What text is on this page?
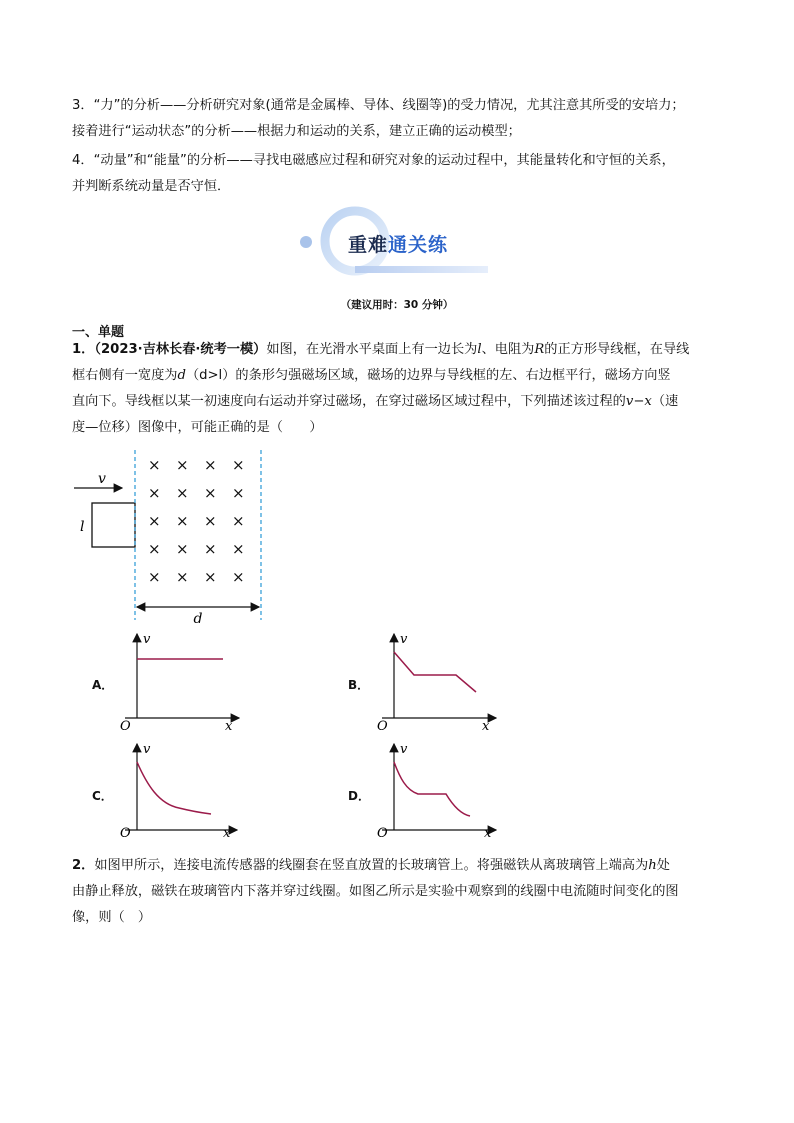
3．“力”的分析——分析研究对象(通常是金属棒、导体、线圈等)的受力情况，尤其注意其所受的安培力；
接着进行“运动状态”的分析——根据力和运动的关系，建立正确的运动模型；
4．“动量”和“能量”的分析——寻找电磁感应过程和研究对象的运动过程中，其能量转化和守恒的关系，
并判断系统动量是否守恒．
重难通关练
（建议用时：30 分钟）
一、单题
1．（2023·吉林长春·统考一模）如图，在光滑水平桌面上有一边长为l、电阻为R的正方形导线框，在导线
框右侧有一宽度为d（d>l）的条形匀强磁场区域，磁场的边界与导线框的左、右边框平行，磁场方向竖
直向下。导线框以某一初速度向右运动并穿过磁场，在穿过磁场区域过程中，下列描述该过程的v−x（速
度—位移）图像中，可能正确的是（　　）
v
l
× × × ×
× × × ×
× × × ×
× × × ×
× × × ×
d
A．
v
x
O
B．
v
x
O
C．
v
x
O
D．
v
x
O
2．如图甲所示，连接电流传感器的线圈套在竖直放置的长玻璃管上。将强磁铁从离玻璃管上端高为h处
由静止释放，磁铁在玻璃管内下落并穿过线圈。如图乙所示是实验中观察到的线圈中电流随时间变化的图
像，则（　）
